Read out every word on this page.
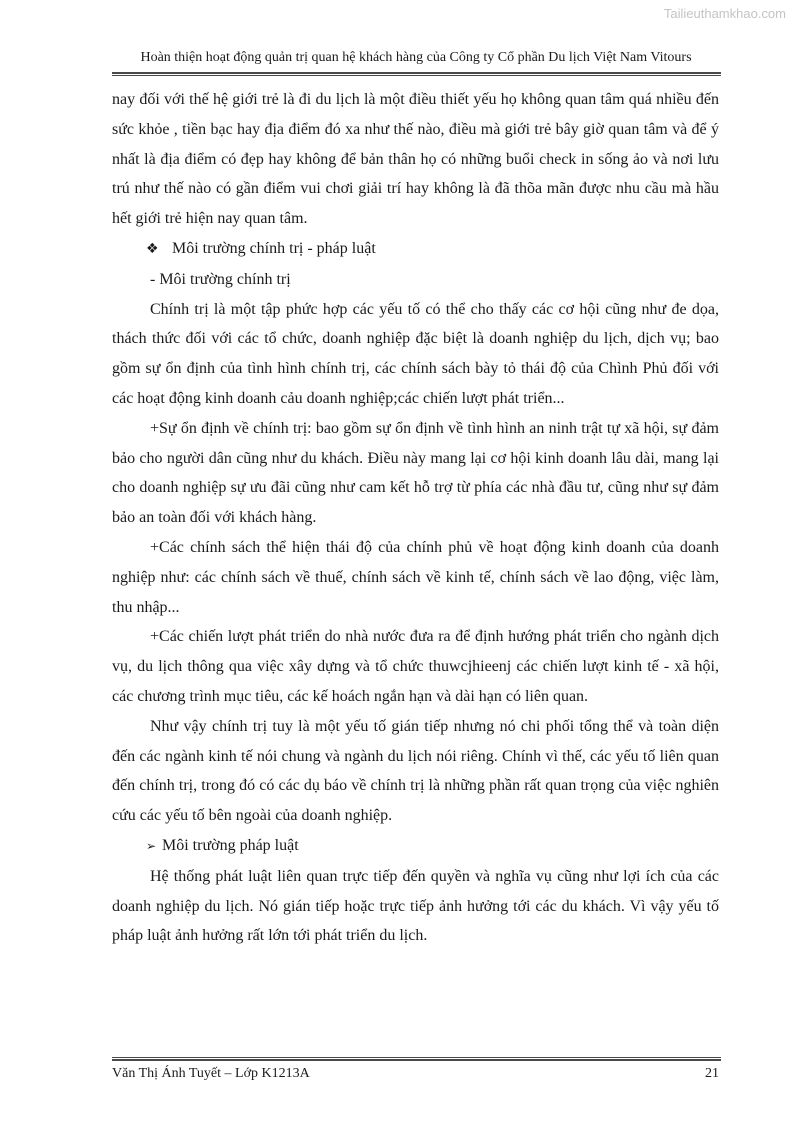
Tailieuthamkhao.com
Hoàn thiện hoạt động quản trị quan hệ khách hàng của Công ty Cổ phần Du lịch Việt Nam Vitours

nay đối với thế hệ giới trẻ là đi du lịch là một điều thiết yếu họ không quan tâm quá nhiều đến sức khỏe , tiền bạc hay địa điểm đó xa như thế nào, điều mà giới trẻ bây giờ quan tâm và để ý nhất là địa điểm có đẹp hay không để bản thân họ có những buổi check in sống ảo và nơi lưu trú như thế nào có gần điểm vui chơi giải trí hay không là đã thõa mãn được nhu cầu mà hầu hết giới trẻ hiện nay quan tâm.

❖ Môi trường chính trị - pháp luật

- Môi trường chính trị

Chính trị là một tập phức hợp các yếu tố có thể cho thấy các cơ hội cũng như đe dọa, thách thức đối với các tổ chức, doanh nghiệp đặc biệt là doanh nghiệp du lịch, dịch vụ; bao gồm sự ổn định của tình hình chính trị, các chính sách bày tỏ thái độ của Chình Phủ đối với các hoạt động kinh doanh cảu doanh nghiệp;các chiến lượt phát triển...

+Sự ổn định về chính trị: bao gồm sự ổn định về tình hình an ninh trật tự xã hội, sự đảm bảo cho người dân cũng như du khách. Điều này mang lại cơ hội kinh doanh lâu dài, mang lại cho doanh nghiệp sự ưu đãi cũng như cam kết hỗ trợ từ phía các nhà đầu tư, cũng như sự đảm bảo an toàn đối với khách hàng.

+Các chính sách thể hiện thái độ của chính phủ về hoạt động kinh doanh của doanh nghiệp như: các chính sách về thuế, chính sách về kinh tế, chính sách về lao động, việc làm, thu nhập...

+Các chiến lượt phát triển do nhà nước đưa ra để định hướng phát triển cho ngành dịch vụ, du lịch thông qua việc xây dựng và tổ chức thuwcjhieenj các chiến lượt kinh tế - xã hội, các chương trình mục tiêu, các kế hoách ngắn hạn và dài hạn có liên quan.

Như vậy chính trị tuy là một yếu tố gián tiếp nhưng nó chi phối tổng thể và toàn diện đến các ngành kinh tế nói chung và ngành du lịch nói riêng. Chính vì thế, các yếu tố liên quan đến chính trị, trong đó có các dụ báo về chính trị là những phần rất quan trọng của việc nghiên cứu các yếu tố bên ngoài của doanh nghiệp.

➢ Môi trường pháp luật

Hệ thống phát luật liên quan trực tiếp đến quyền và nghĩa vụ cũng như lợi ích của các doanh nghiệp du lịch. Nó gián tiếp hoặc trực tiếp ảnh hưởng tới các du khách. Vì vậy yếu tố pháp luật ảnh hưởng rất lớn tới phát triển du lịch.

Văn Thị Ánh Tuyết – Lớp K1213A	21
